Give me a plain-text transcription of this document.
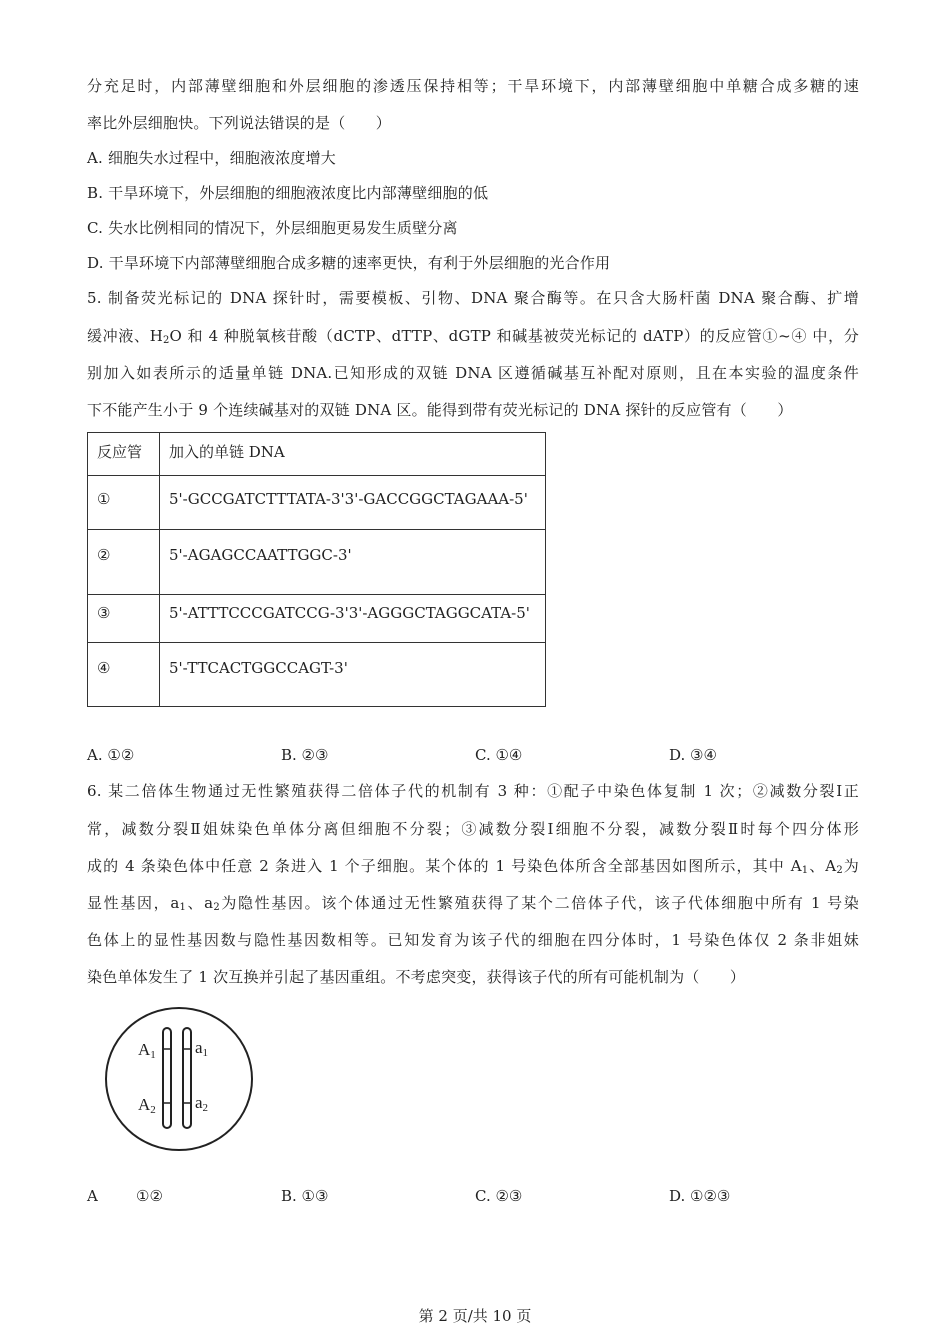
分充足时，内部薄壁细胞和外层细胞的渗透压保持相等；干旱环境下，内部薄壁细胞中单糖合成多糖的速
率比外层细胞快。下列说法错误的是（　　）
A. 细胞失水过程中，细胞液浓度增大
B. 干旱环境下，外层细胞的细胞液浓度比内部薄壁细胞的低
C. 失水比例相同的情况下，外层细胞更易发生质壁分离
D. 干旱环境下内部薄壁细胞合成多糖的速率更快，有利于外层细胞的光合作用
5. 制备荧光标记的 DNA 探针时，需要模板、引物、DNA 聚合酶等。在只含大肠杆菌 DNA 聚合酶、扩增
缓冲液、$H_2O$ 和 4 种脱氧核苷酸（dCTP、dTTP、dGTP 和碱基被荧光标记的 dATP）的反应管①~④ 中，分
别加入如表所示的适量单链 DNA.已知形成的双链 DNA 区遵循碱基互补配对原则，且在本实验的温度条件
下不能产生小于 9 个连续碱基对的双链 DNA 区。能得到带有荧光标记的 DNA 探针的反应管有（　　）
反应管	加入的单链 DNA
①	5'-GCCGATCTTTATA-3'3'-GACCGGCTAGAAA-5'
②	5'-AGAGCCAATTGGC-3'
③	5'-ATTTCCCGATCCG-3'3'-AGGGCTAGGCATA-5'
④	5'-TTCACTGGCCAGT-3'
A. ①②	B. ②③	C. ①④	D. ③④
6. 某二倍体生物通过无性繁殖获得二倍体子代的机制有 3 种：①配子中染色体复制 1 次；②减数分裂Ⅰ正
常，减数分裂Ⅱ姐妹染色单体分离但细胞不分裂；③减数分裂Ⅰ细胞不分裂，减数分裂Ⅱ时每个四分体形
成的 4 条染色体中任意 2 条进入 1 个子细胞。某个体的 1 号染色体所含全部基因如图所示，其中 $A_1$、$A_2$为
显性基因，$a_1$、$a_2$为隐性基因。该个体通过无性繁殖获得了某个二倍体子代，该子代体细胞中所有 1 号染
色体上的显性基因数与隐性基因数相等。已知发育为该子代的细胞在四分体时，1 号染色体仅 2 条非姐妹
染色单体发生了 1 次互换并引起了基因重组。不考虑突变，获得该子代的所有可能机制为（　　）
A1
A2
a1
a2
A	①②	B. ①③	C. ②③	D. ①②③
第 2 页/共 10 页
